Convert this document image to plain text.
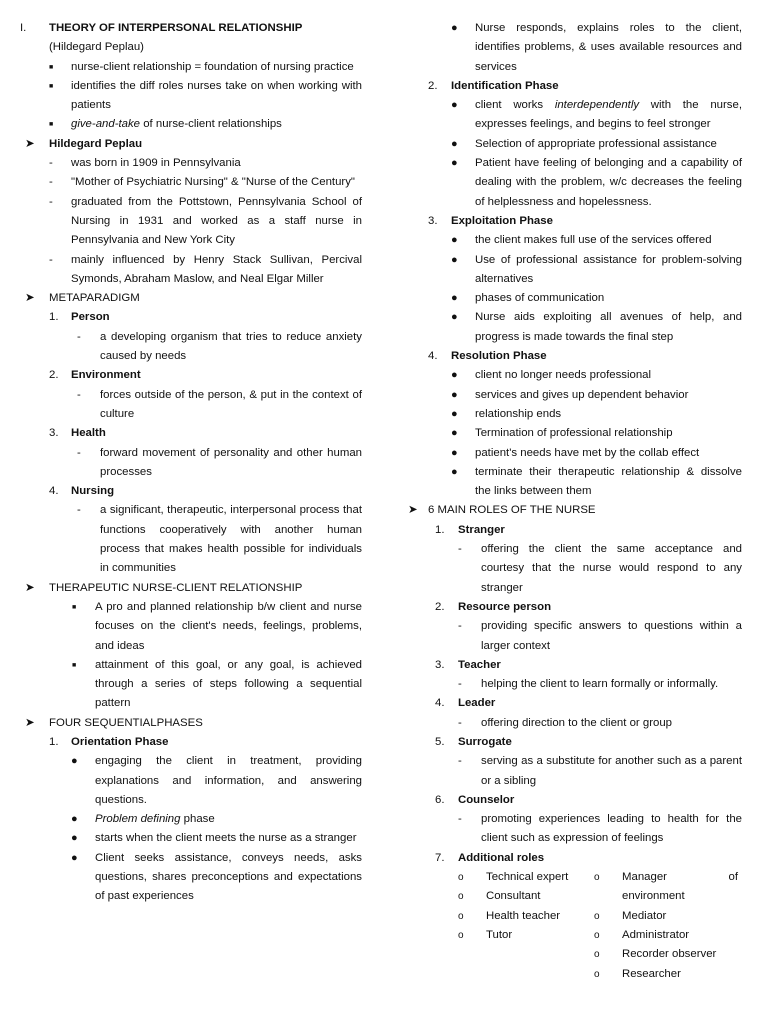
I.	THEORY OF INTERPERSONAL RELATIONSHIP
(Hildegard Peplau)
■	nurse-client relationship = foundation of nursing practice
■	identifies the diff roles nurses take on when working with patients
■	give-and-take of nurse-client relationships
➤	Hildegard Peplau
-	was born in 1909 in Pennsylvania
-	"Mother of Psychiatric Nursing" & "Nurse of the Century"
-	graduated from the Pottstown, Pennsylvania School of Nursing in 1931 and worked as a staff nurse in Pennsylvania and New York City
-	mainly influenced by Henry Stack Sullivan, Percival Symonds, Abraham Maslow, and Neal Elgar Miller
➤	METAPARADIGM
1.	Person
-	a developing organism that tries to reduce anxiety caused by needs
2.	Environment
-	forces outside of the person, & put in the context of culture
3.	Health
-	forward movement of personality and other human processes
4.	Nursing
-	a significant, therapeutic, interpersonal process that functions cooperatively with another human process that makes health possible for individuals in communities
➤	THERAPEUTIC NURSE-CLIENT RELATIONSHIP
■	A pro and planned relationship b/w client and nurse focuses on the client's needs, feelings, problems, and ideas
■	attainment of this goal, or any goal, is achieved through a series of steps following a sequential pattern
➤	FOUR SEQUENTIALPHASES
1.	Orientation Phase
●	engaging the client in treatment, providing explanations and information, and answering questions.
●	Problem defining phase
●	starts when the client meets the nurse as a stranger
●	Client seeks assistance, conveys needs, asks questions, shares preconceptions and expectations of past experiences
●	Nurse responds, explains roles to the client, identifies problems, & uses available resources and services
2.	Identification Phase
●	client works interdependently with the nurse, expresses feelings, and begins to feel stronger
●	Selection of appropriate professional assistance
●	Patient have feeling of belonging and a capability of dealing with the problem, w/c decreases the feeling of helplessness and hopelessness.
3.	Exploitation Phase
●	the client makes full use of the services offered
●	Use of professional assistance for problem-solving alternatives
●	phases of communication
●	Nurse aids exploiting all avenues of help, and progress is made towards the final step
4.	Resolution Phase
●	client no longer needs professional
●	services and gives up dependent behavior
●	relationship ends
●	Termination of professional relationship
●	patient's needs have met by the collab effect
●	terminate their therapeutic relationship & dissolve the links between them
➤ 6 MAIN ROLES OF THE NURSE
1.	Stranger
-	offering the client the same acceptance and courtesy that the nurse would respond to any stranger
2.	Resource person
-	providing specific answers to questions within a larger context
3.	Teacher
-	helping the client to learn formally or informally.
4.	Leader
-	offering direction to the client or group
5.	Surrogate
-	serving as a substitute for another such as a parent or a sibling
6.	Counselor
-	promoting experiences leading to health for the client such as expression of feelings
7.	Additional roles
o	Technical expert
o	Consultant
o	Health teacher
o	Tutor
o	Manager of environment
o	Mediator
o	Administrator
o	Recorder observer
o	Researcher
